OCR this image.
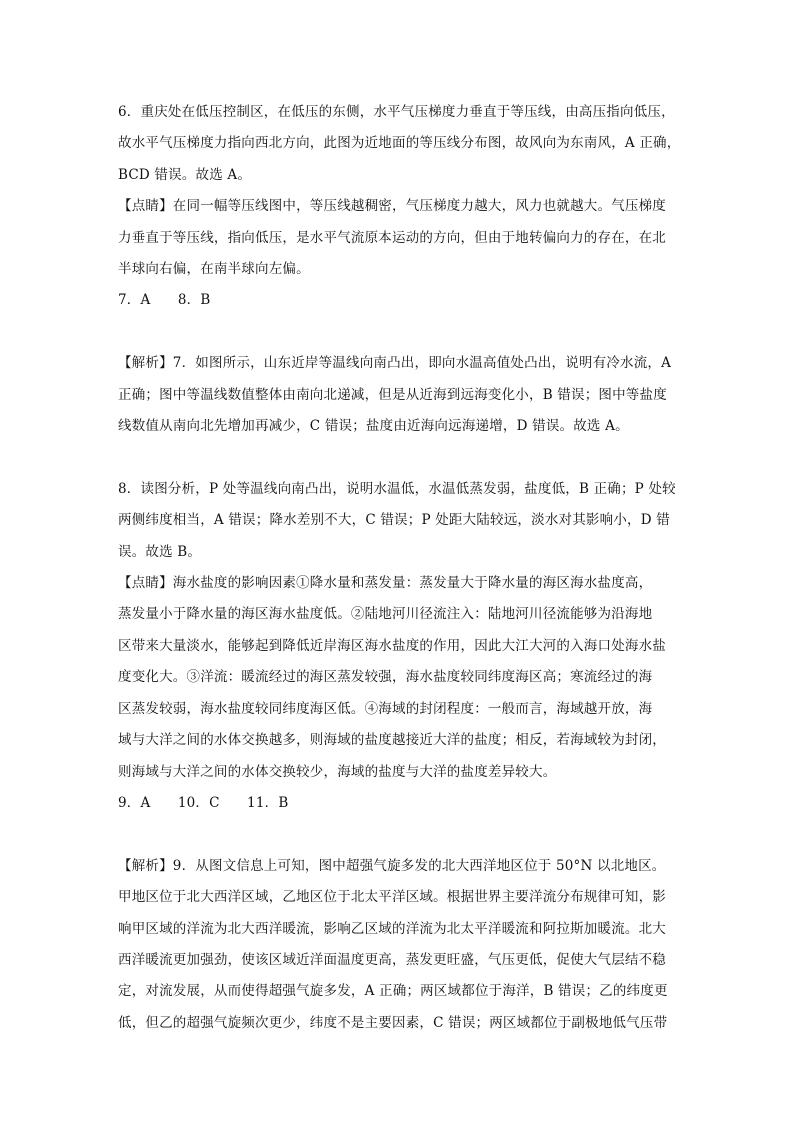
6．重庆处在低压控制区，在低压的东侧，水平气压梯度力垂直于等压线，由高压指向低压，
故水平气压梯度力指向西北方向，此图为近地面的等压线分布图，故风向为东南风，A 正确，
BCD 错误。故选 A。
【点睛】在同一幅等压线图中，等压线越稠密，气压梯度力越大，风力也就越大。气压梯度
力垂直于等压线，指向低压，是水平气流原本运动的方向，但由于地转偏向力的存在，在北
半球向右偏，在南半球向左偏。
7．A　　8．B
【解析】7．如图所示，山东近岸等温线向南凸出，即向水温高值处凸出，说明有冷水流，A
正确；图中等温线数值整体由南向北递减，但是从近海到远海变化小，B 错误；图中等盐度
线数值从南向北先增加再减少，C 错误；盐度由近海向远海递增，D 错误。故选 A。
8．读图分析，P 处等温线向南凸出，说明水温低，水温低蒸发弱，盐度低，B 正确；P 处较
两侧纬度相当，A 错误；降水差别不大，C 错误；P 处距大陆较远，淡水对其影响小，D 错
误。故选 B。
【点睛】海水盐度的影响因素①降水量和蒸发量：蒸发量大于降水量的海区海水盐度高，
蒸发量小于降水量的海区海水盐度低。②陆地河川径流注入：陆地河川径流能够为沿海地
区带来大量淡水，能够起到降低近岸海区海水盐度的作用，因此大江大河的入海口处海水盐
度变化大。③洋流：暖流经过的海区蒸发较强，海水盐度较同纬度海区高；寒流经过的海
区蒸发较弱，海水盐度较同纬度海区低。④海域的封闭程度：一般而言，海域越开放，海
域与大洋之间的水体交换越多，则海域的盐度越接近大洋的盐度；相反，若海域较为封闭，
则海域与大洋之间的水体交换较少，海域的盐度与大洋的盐度差异较大。
9．A　　10．C　　11．B
【解析】9．从图文信息上可知，图中超强气旋多发的北大西洋地区位于 50°N 以北地区。
甲地区位于北大西洋区域，乙地区位于北太平洋区域。根据世界主要洋流分布规律可知，影
响甲区域的洋流为北大西洋暖流，影响乙区域的洋流为北太平洋暖流和阿拉斯加暖流。北大
西洋暖流更加强劲，使该区域近洋面温度更高，蒸发更旺盛，气压更低，促使大气层结不稳
定，对流发展，从而使得超强气旋多发，A 正确；两区域都位于海洋，B 错误；乙的纬度更
低，但乙的超强气旋频次更少，纬度不是主要因素，C 错误；两区域都位于副极地低气压带
